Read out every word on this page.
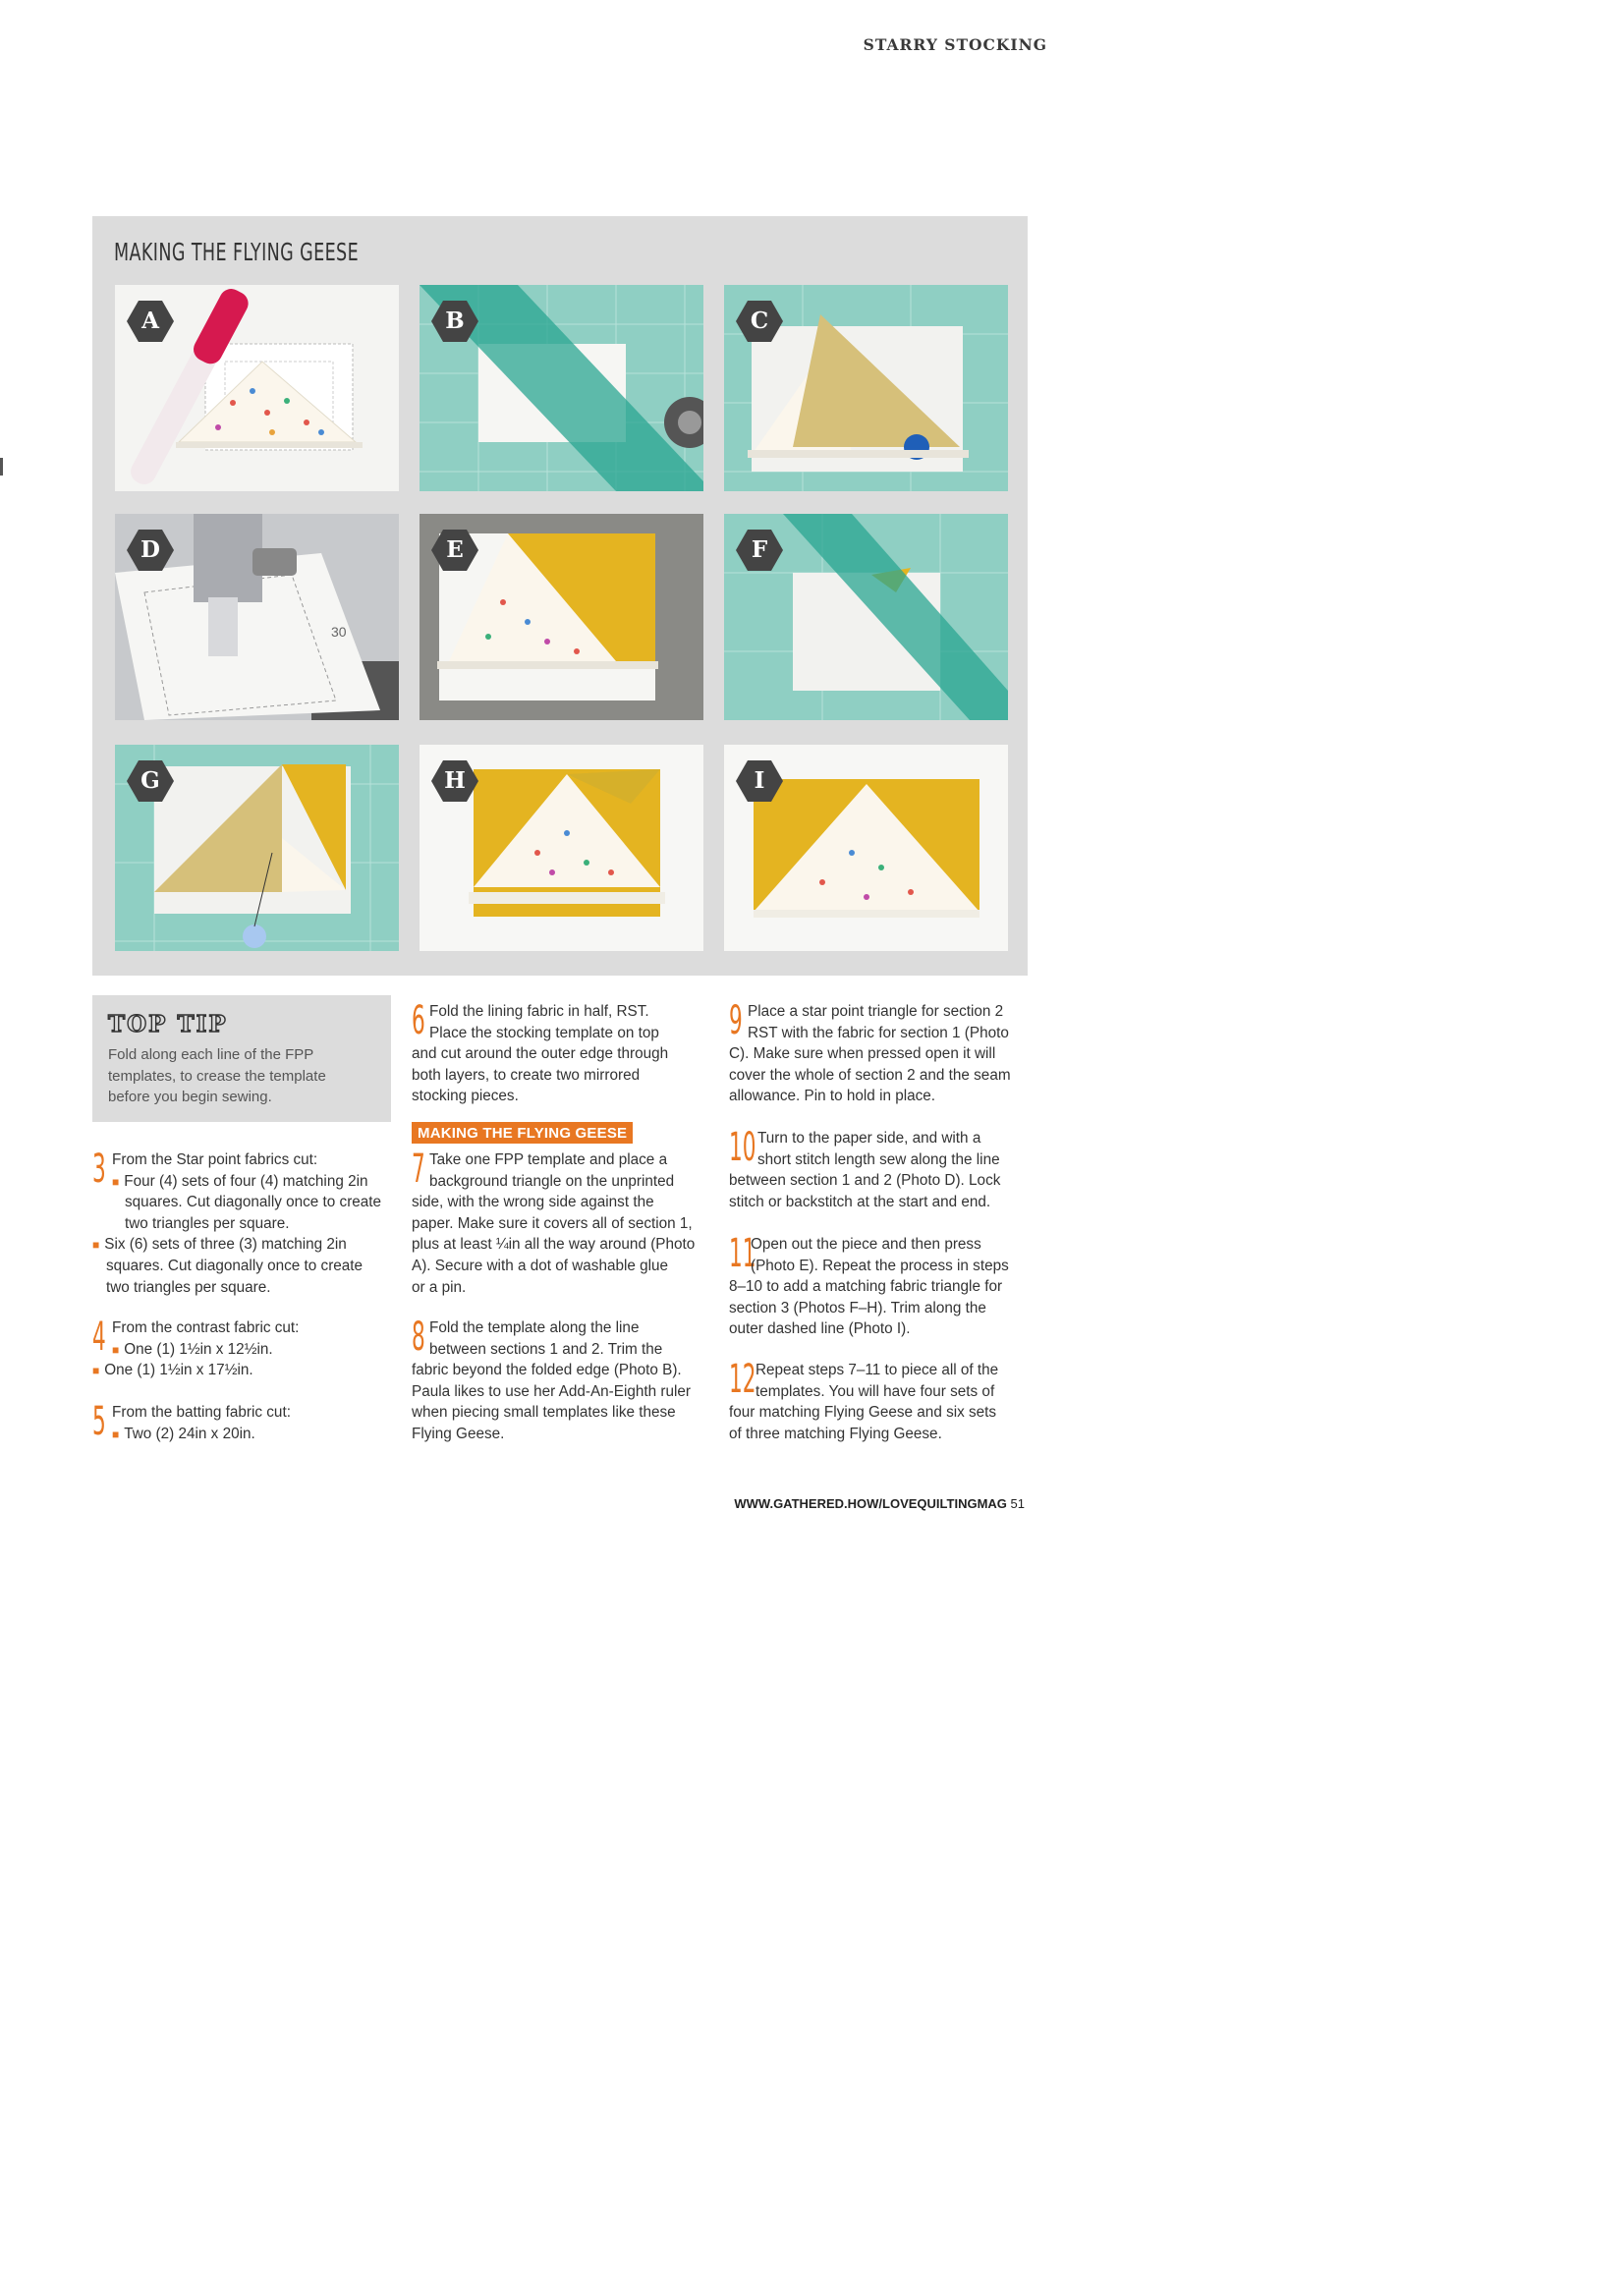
STARRY STOCKING
MAKING THE FLYING GEESE
A	B	C
30
D	E	F
G	H	I
TOP TIP
Fold along each line of the FPP
templates, to crease the template
before you begin sewing.
3 From the Star point fabrics cut:
■ Four (4) sets of four (4) matching 2in
squares. Cut diagonally once to create
two triangles per square.
■ Six (6) sets of three (3) matching 2in
squares. Cut diagonally once to create
two triangles per square.
4 From the contrast fabric cut:
■ One (1) 1½in x 12½in.
■ One (1) 1½in x 17½in.
5 From the batting fabric cut:
■ Two (2) 24in x 20in.
6 Fold the lining fabric in half, RST.
Place the stocking template on top
and cut around the outer edge through
both layers, to create two mirrored
stocking pieces.
7 Take one FPP template and place a
background triangle on the unprinted
side, with the wrong side against the
paper. Make sure it covers all of section 1,
plus at least ¼in all the way around (Photo
A). Secure with a dot of washable glue
or a pin.
8 Fold the template along the line
between sections 1 and 2. Trim the
fabric beyond the folded edge (Photo B).
Paula likes to use her Add-An-Eighth ruler
when piecing small templates like these
Flying Geese.
MAKING THE FLYING GEESE
9 Place a star point triangle for section 2
RST with the fabric for section 1 (Photo
C). Make sure when pressed open it will
cover the whole of section 2 and the seam
allowance. Pin to hold in place.
10 Turn to the paper side, and with a
short stitch length sew along the line
between section 1 and 2 (Photo D). Lock
stitch or backstitch at the start and end.
11
Open out the piece and then press
(Photo E). Repeat the process in steps
8–10 to add a matching fabric triangle for
section 3 (Photos F–H). Trim along the
outer dashed line (Photo I).
12 Repeat steps 7–11 to piece all of the
templates. You will have four sets of
four matching Flying Geese and six sets
of three matching Flying Geese.
WWW.GATHERED.HOW/LOVEQUILTINGMAG 51
